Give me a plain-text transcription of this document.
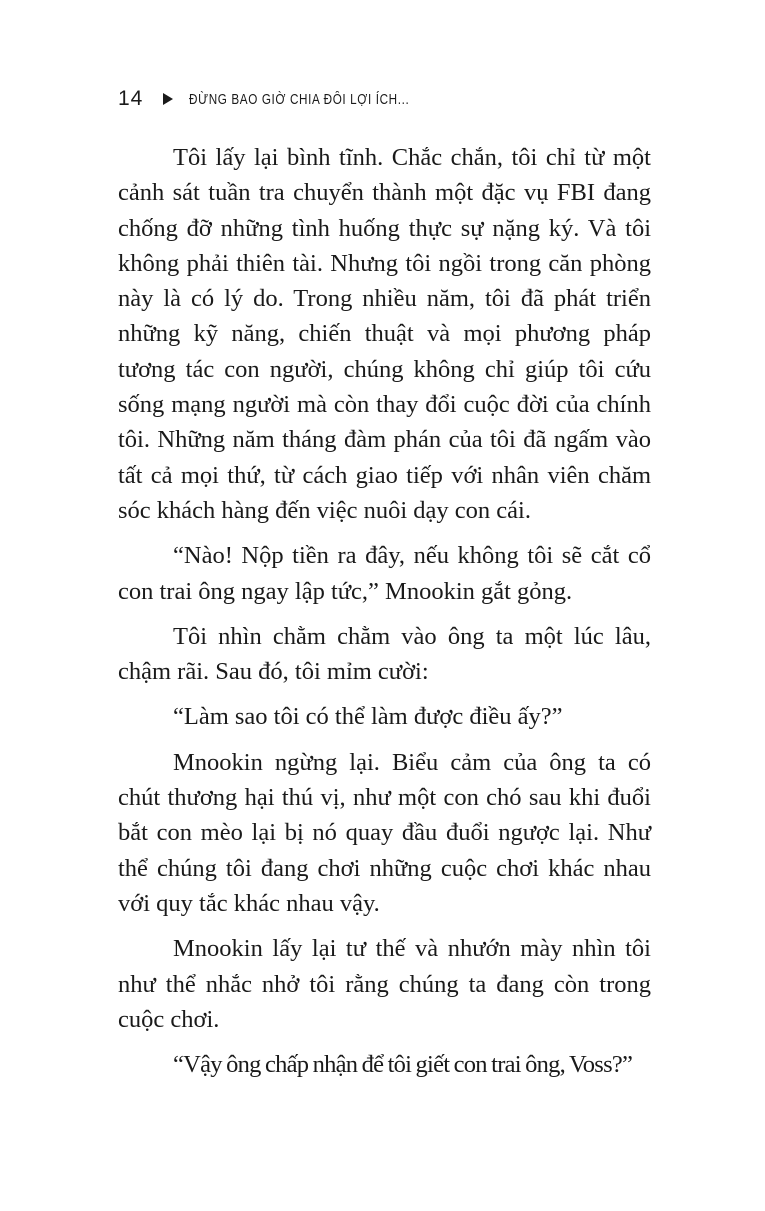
14	ĐỪNG BAO GIỜ CHIA ĐÔI LỢI ÍCH...

Tôi lấy lại bình tĩnh. Chắc chắn, tôi chỉ từ một cảnh sát tuần tra chuyển thành một đặc vụ FBI đang chống đỡ những tình huống thực sự nặng ký. Và tôi không phải thiên tài. Nhưng tôi ngồi trong căn phòng này là có lý do. Trong nhiều năm, tôi đã phát triển những kỹ năng, chiến thuật và mọi phương pháp tương tác con người, chúng không chỉ giúp tôi cứu sống mạng người mà còn thay đổi cuộc đời của chính tôi. Những năm tháng đàm phán của tôi đã ngấm vào tất cả mọi thứ, từ cách giao tiếp với nhân viên chăm sóc khách hàng đến việc nuôi dạy con cái.

“Nào! Nộp tiền ra đây, nếu không tôi sẽ cắt cổ con trai ông ngay lập tức,” Mnookin gắt gỏng.

Tôi nhìn chằm chằm vào ông ta một lúc lâu, chậm rãi. Sau đó, tôi mỉm cười:

“Làm sao tôi có thể làm được điều ấy?”

Mnookin ngừng lại. Biểu cảm của ông ta có chút thương hại thú vị, như một con chó sau khi đuổi bắt con mèo lại bị nó quay đầu đuổi ngược lại. Như thể chúng tôi đang chơi những cuộc chơi khác nhau với quy tắc khác nhau vậy.

Mnookin lấy lại tư thế và nhướn mày nhìn tôi như thể nhắc nhở tôi rằng chúng ta đang còn trong cuộc chơi.

“Vậy ông chấp nhận để tôi giết con trai ông, Voss?”
